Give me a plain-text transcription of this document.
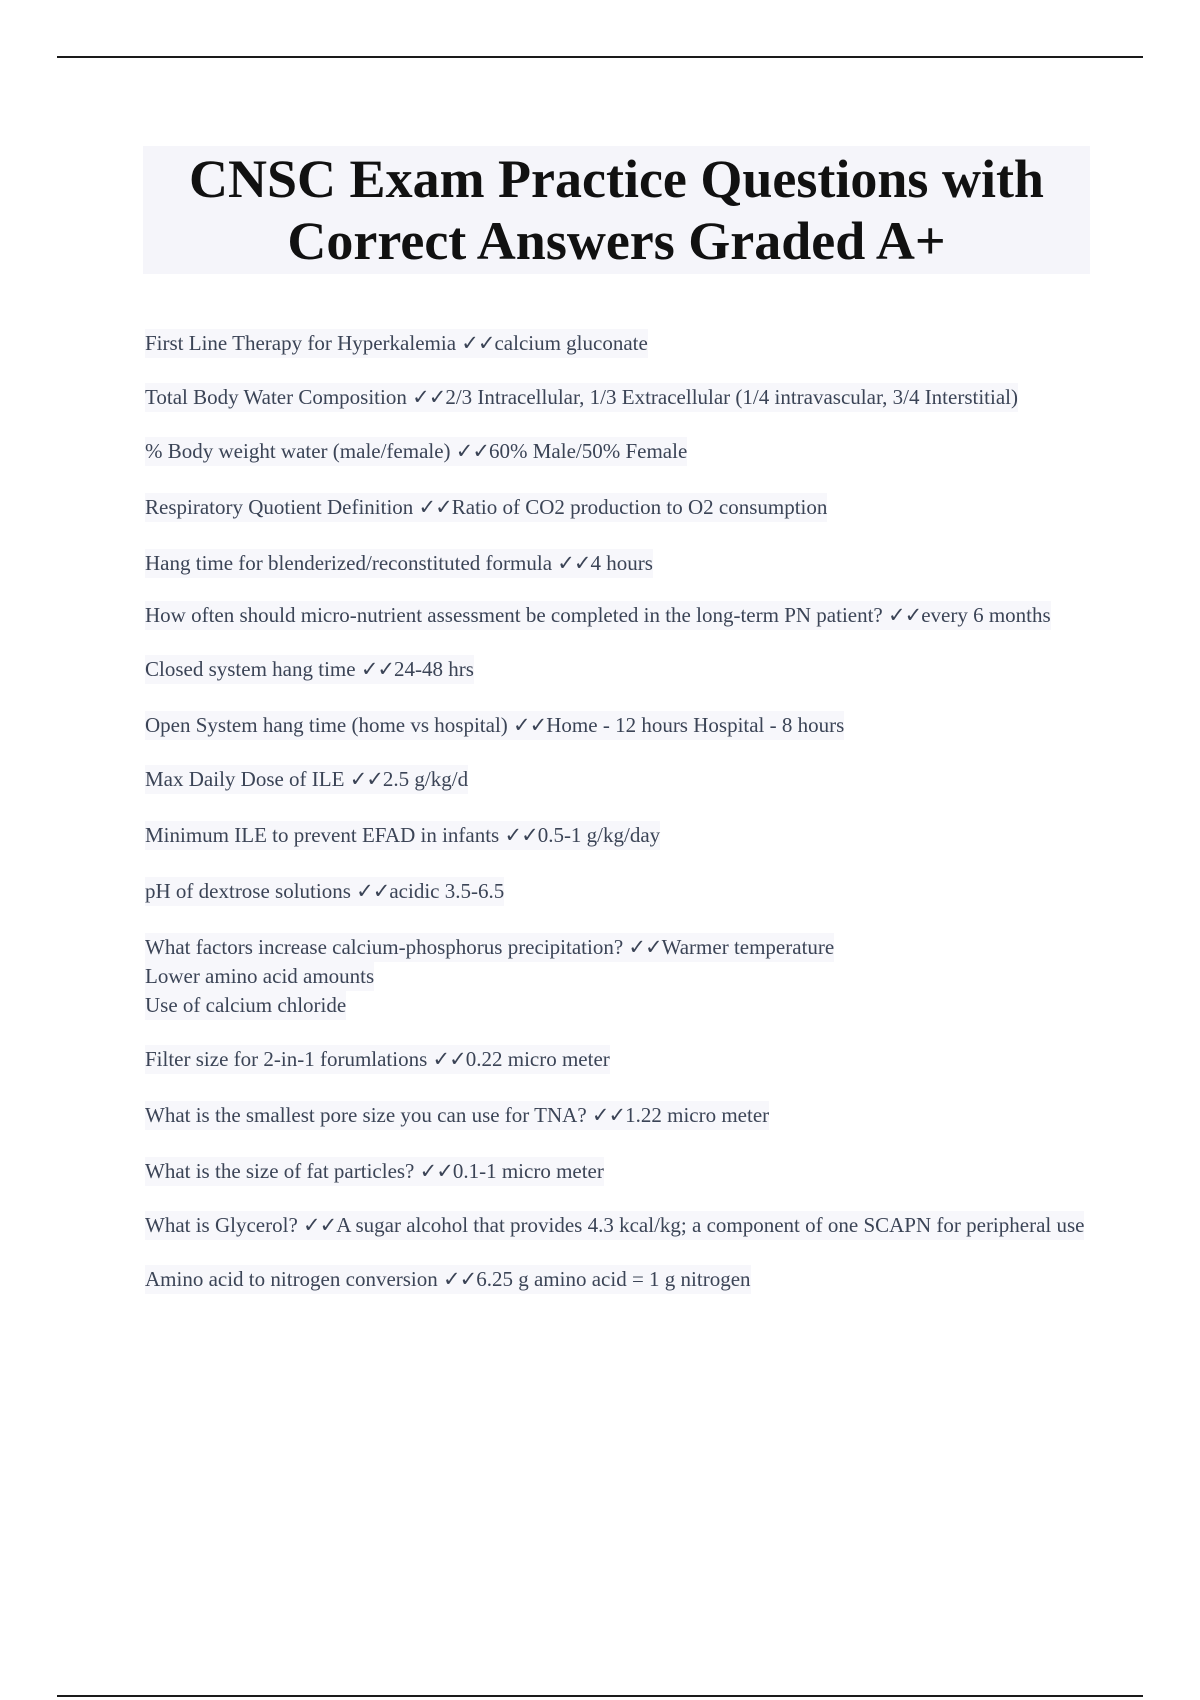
CNSC Exam Practice Questions with
Correct Answers Graded A+
First Line Therapy for Hyperkalemia ✓✓calcium gluconate
Total Body Water Composition ✓✓2/3 Intracellular, 1/3 Extracellular (1/4 intravascular, 3/4 Interstitial)
% Body weight water (male/female) ✓✓60% Male/50% Female
Respiratory Quotient Definition ✓✓Ratio of CO2 production to O2 consumption
Hang time for blenderized/reconstituted formula ✓✓4 hours
How often should micro-nutrient assessment be completed in the long-term PN patient? ✓✓every 6 months
Closed system hang time ✓✓24-48 hrs
Open System hang time (home vs hospital) ✓✓Home - 12 hours Hospital - 8 hours
Max Daily Dose of ILE ✓✓2.5 g/kg/d
Minimum ILE to prevent EFAD in infants ✓✓0.5-1 g/kg/day
pH of dextrose solutions ✓✓acidic 3.5-6.5
What factors increase calcium-phosphorus precipitation? ✓✓Warmer temperature
Lower amino acid amounts
Use of calcium chloride
Filter size for 2-in-1 forumlations ✓✓0.22 micro meter
What is the smallest pore size you can use for TNA? ✓✓1.22 micro meter
What is the size of fat particles? ✓✓0.1-1 micro meter
What is Glycerol? ✓✓A sugar alcohol that provides 4.3 kcal/kg; a component of one SCAPN for peripheral use
Amino acid to nitrogen conversion ✓✓6.25 g amino acid = 1 g nitrogen
